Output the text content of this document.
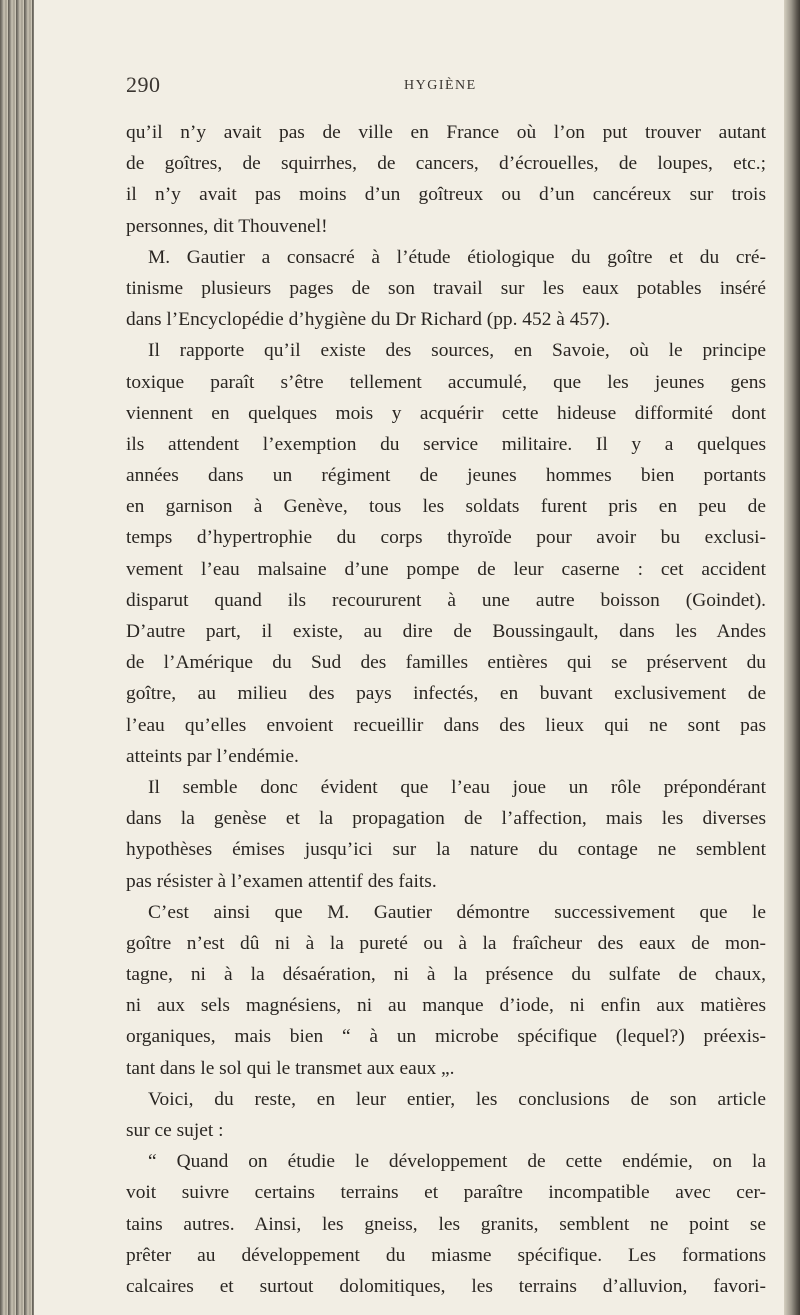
290	HYGIÈNE
qu’il n’y avait pas de ville en France où l’on put trouver autant
de goîtres, de squirrhes, de cancers, d’écrouelles, de loupes, etc.;
il n’y avait pas moins d’un goîtreux ou d’un cancéreux sur trois
personnes, dit Thouvenel!
M. Gautier a consacré à l’étude étiologique du goître et du cré-
tinisme plusieurs pages de son travail sur les eaux potables inséré
dans l’Encyclopédie d’hygiène du Dr Richard (pp. 452 à 457).
Il rapporte qu’il existe des sources, en Savoie, où le principe
toxique paraît s’être tellement accumulé, que les jeunes gens
viennent en quelques mois y acquérir cette hideuse difformité dont
ils attendent l’exemption du service militaire. Il y a quelques
années dans un régiment de jeunes hommes bien portants
en garnison à Genève, tous les soldats furent pris en peu de
temps d’hypertrophie du corps thyroïde pour avoir bu exclusi-
vement l’eau malsaine d’une pompe de leur caserne : cet accident
disparut quand ils recoururent à une autre boisson (Goindet).
D’autre part, il existe, au dire de Boussingault, dans les Andes
de l’Amérique du Sud des familles entières qui se préservent du
goître, au milieu des pays infectés, en buvant exclusivement de
l’eau qu’elles envoient recueillir dans des lieux qui ne sont pas
atteints par l’endémie.
Il semble donc évident que l’eau joue un rôle prépondérant
dans la genèse et la propagation de l’affection, mais les diverses
hypothèses émises jusqu’ici sur la nature du contage ne semblent
pas résister à l’examen attentif des faits.
C’est ainsi que M. Gautier démontre successivement que le
goître n’est dû ni à la pureté ou à la fraîcheur des eaux de mon-
tagne, ni à la désaération, ni à la présence du sulfate de chaux,
ni aux sels magnésiens, ni au manque d’iode, ni enfin aux matières
organiques, mais bien “ à un microbe spécifique (lequel?) préexis-
tant dans le sol qui le transmet aux eaux „.
Voici, du reste, en leur entier, les conclusions de son article
sur ce sujet :
“ Quand on étudie le développement de cette endémie, on la
voit suivre certains terrains et paraître incompatible avec cer-
tains autres. Ainsi, les gneiss, les granits, semblent ne point se
prêter au développement du miasme spécifique. Les formations
calcaires et surtout dolomitiques, les terrains d’alluvion, favori-
